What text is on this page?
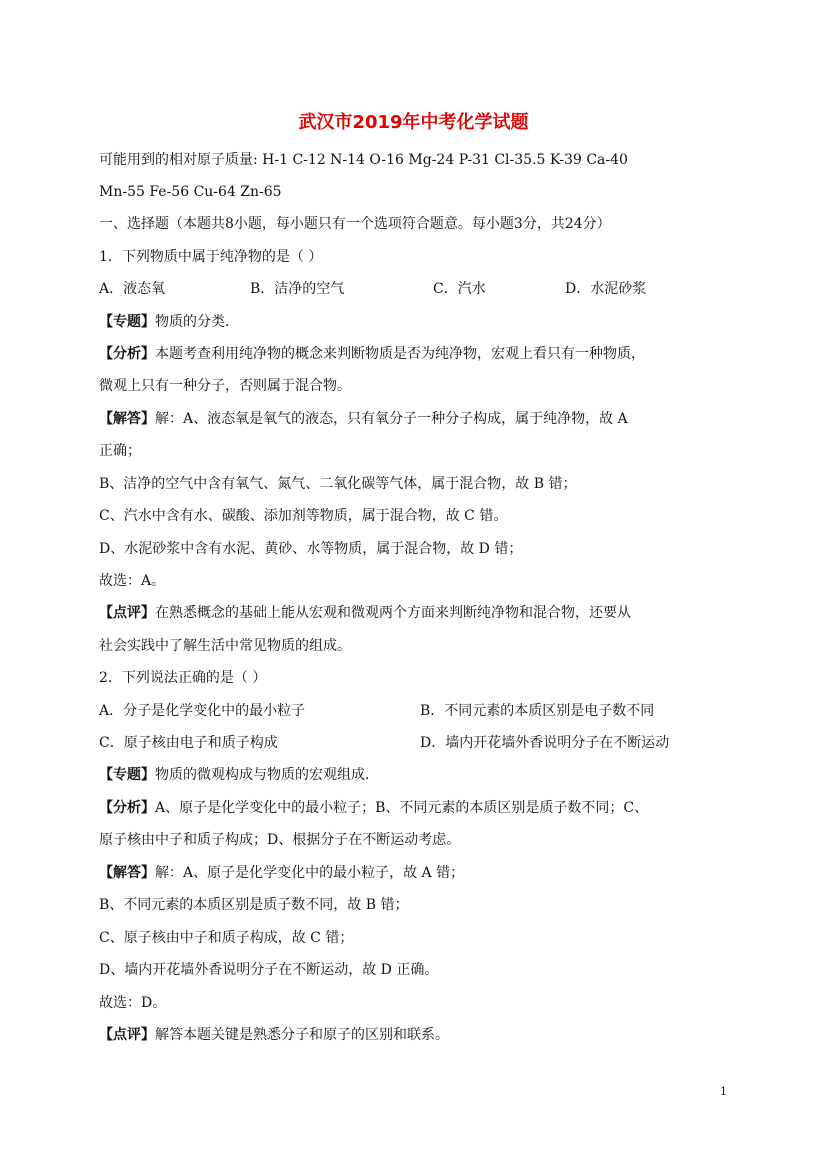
武汉市2019年中考化学试题
可能用到的相对原子质量: H-1 C-12 N-14 O-16 Mg-24 P-31 Cl-35.5 K-39 Ca-40
Mn-55 Fe-56 Cu-64 Zn-65
一、选择题（本题共8小题，每小题只有一个选项符合题意。每小题3分，共24分）
1．下列物质中属于纯净物的是（ ）
A．液态氧	B．洁净的空气	C．汽水	D．水泥砂浆
【专题】物质的分类．
【分析】本题考查利用纯净物的概念来判断物质是否为纯净物，宏观上看只有一种物质，
微观上只有一种分子，否则属于混合物。
【解答】解：A、液态氧是氧气的液态，只有氧分子一种分子构成，属于纯净物，故 A
正确；
B、洁净的空气中含有氧气、氮气、二氧化碳等气体，属于混合物，故 B 错；
C、汽水中含有水、碳酸、添加剂等物质，属于混合物，故 C 错。
D、水泥砂浆中含有水泥、黄砂、水等物质，属于混合物，故 D 错；
故选：A。
【点评】在熟悉概念的基础上能从宏观和微观两个方面来判断纯净物和混合物，还要从
社会实践中了解生活中常见物质的组成。
2．下列说法正确的是（ ）
A．分子是化学变化中的最小粒子	B．不同元素的本质区别是电子数不同
C．原子核由电子和质子构成	D．墙内开花墙外香说明分子在不断运动
【专题】物质的微观构成与物质的宏观组成．
【分析】A、原子是化学变化中的最小粒子；B、不同元素的本质区别是质子数不同；C、
原子核由中子和质子构成；D、根据分子在不断运动考虑。
【解答】解：A、原子是化学变化中的最小粒子，故 A 错；
B、不同元素的本质区别是质子数不同，故 B 错；
C、原子核由中子和质子构成，故 C 错；
D、墙内开花墙外香说明分子在不断运动，故 D 正确。
故选：D。
【点评】解答本题关键是熟悉分子和原子的区别和联系。
1
